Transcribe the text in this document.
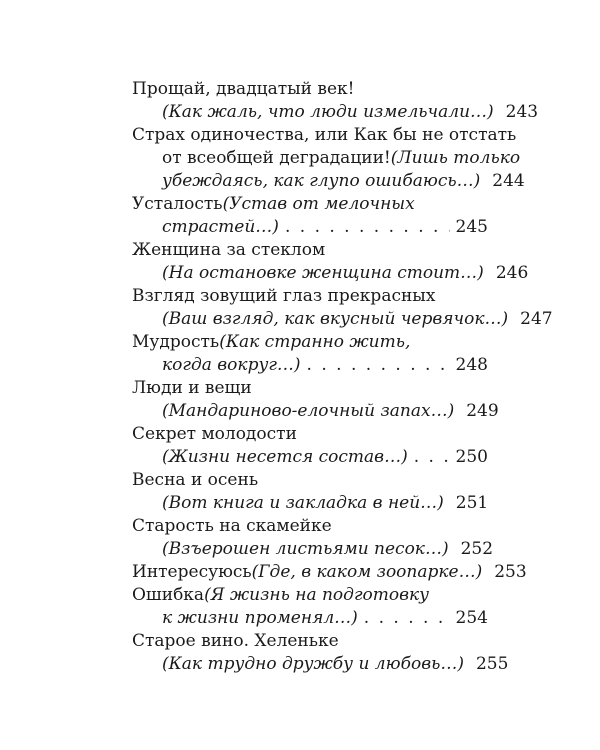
Прощай, двадцатый век!
(Как жаль, что люди измельчали…) 243
Страх одиночества, или Как бы не отстать
от всеобщей деградации! (Лишь только
убеждаясь, как глупо ошибаюсь…) 244
Усталость (Устав от мелочных
страстей…) . . .	245
Женщина за стеклом
(На остановке женщина стоит…) 246
Взгляд зовущий глаз прекрасных
(Ваш взгляд, как вкусный червячок…) 247
Мудрость (Как странно жить,
когда вокруг…) . . .	248
Люди и вещи
(Мандариново-елочный запах…) 249
Секрет молодости
(Жизни несется состав…) . . .	250
Весна и осень
(Вот книга и закладка в ней…) 251
Старость на скамейке
(Взъерошен листьями песок…) 252
Интересуюсь (Где, в каком зоопарке…) 253
Ошибка (Я жизнь на подготовку
к жизни променял…) . . .	254
Старое вино. Хеленьке
(Как трудно дружбу и любовь…) 255
